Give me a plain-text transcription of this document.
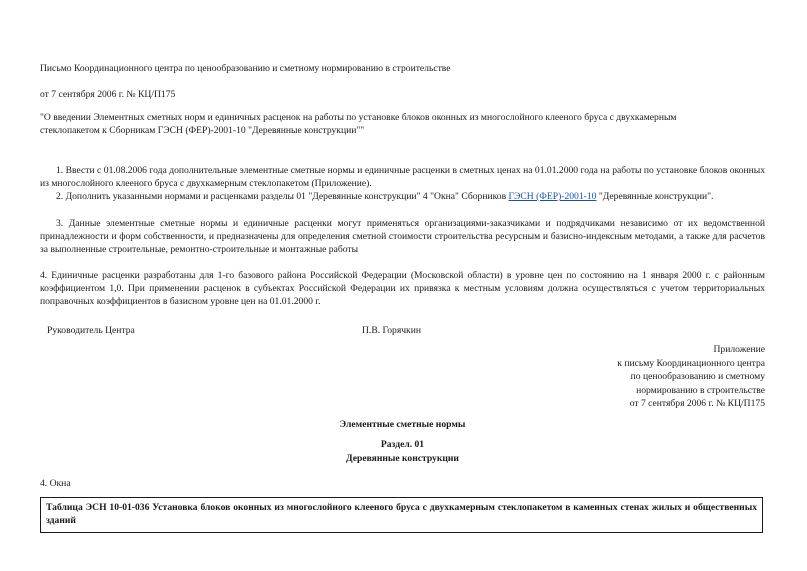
Письмо Координационного центра по ценообразованию и сметному нормированию в строительстве
от 7 сентября 2006 г. № КЦ/П175
"О введении Элементных сметных норм и единичных расценок на работы по установке блоков оконных из многослойного клееного бруса с двухкамерным стеклопакетом к Сборникам ГЭСН (ФЕР)-2001-10 "Деревянные конструкции""
1. Ввести с 01.08.2006 года дополнительные элементные сметные нормы и единичные расценки в сметных ценах на 01.01.2000 года на работы по установке блоков оконных из многослойного клееного бруса с двухкамерным стеклопакетом (Приложение).
2. Дополнить указанными нормами и расценками разделы 01 "Деревянные конструкции" 4 "Окна" Сборников ГЭСН (ФЕР)-2001-10 "Деревянные конструкции".
3. Данные элементные сметные нормы и единичные расценки могут применяться организациями-заказчиками и подрядчиками независимо от их ведомственной принадлежности и форм собственности, и предназначены для определения сметной стоимости строительства ресурсным и базисно-индексным методами, а также для расчетов за выполненные строительные, ремонтно-строительные и монтажные работы
4. Единичные расценки разработаны для 1-го базового района Российской Федерации (Московской области) в уровне цен по состоянию на 1 января 2000 г. с районным коэффициентом 1,0. При применении расценок в субъектах Российской Федерации их привязка к местным условиям должна осуществляться с учетом территориальных поправочных коэффициентов в базисном уровне цен на 01.01.2000 г.
Руководитель Центра	П.В. Горячкин
Приложение
к письму Координационного центра
по ценообразованию и сметному
нормированию в строительстве
от 7 сентября 2006 г. № КЦ/П175
Элементные сметные нормы
Раздел. 01
Деревянные конструкции
4. Окна
Таблица ЭСН 10-01-036 Установка блоков оконных из многослойного клееного бруса с двухкамерным стеклопакетом в каменных стенах жилых и общественных зданий
